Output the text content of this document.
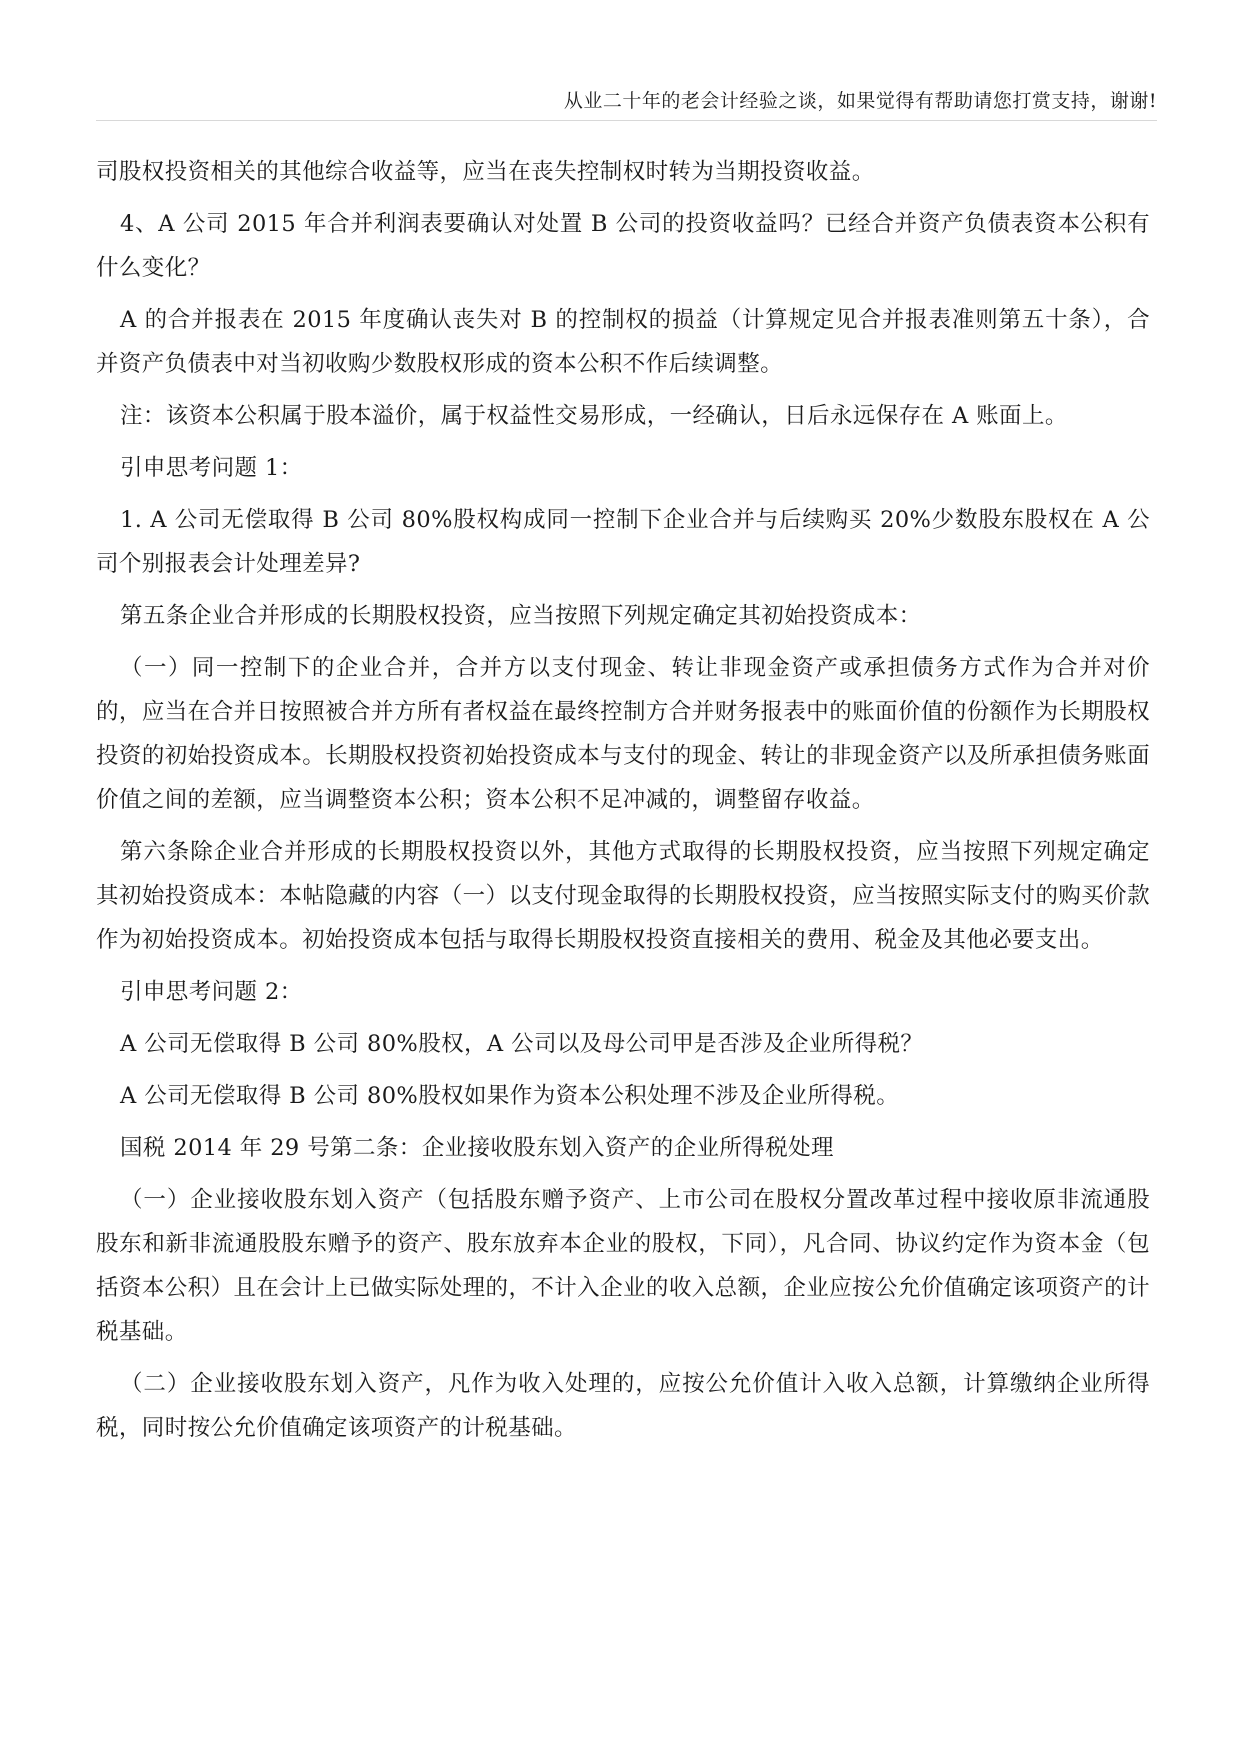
从业二十年的老会计经验之谈，如果觉得有帮助请您打赏支持，谢谢!

司股权投资相关的其他综合收益等，应当在丧失控制权时转为当期投资收益。

4、A 公司 2015 年合并利润表要确认对处置 B 公司的投资收益吗？已经合并资产负债表资本公积有什么变化？

A 的合并报表在 2015 年度确认丧失对 B 的控制权的损益（计算规定见合并报表准则第五十条），合并资产负债表中对当初收购少数股权形成的资本公积不作后续调整。

注：该资本公积属于股本溢价，属于权益性交易形成，一经确认，日后永远保存在 A 账面上。

引申思考问题 1：

1. A 公司无偿取得 B 公司 80%股权构成同一控制下企业合并与后续购买 20%少数股东股权在 A 公司个别报表会计处理差异?

第五条企业合并形成的长期股权投资，应当按照下列规定确定其初始投资成本：

（一）同一控制下的企业合并，合并方以支付现金、转让非现金资产或承担债务方式作为合并对价的，应当在合并日按照被合并方所有者权益在最终控制方合并财务报表中的账面价值的份额作为长期股权投资的初始投资成本。长期股权投资初始投资成本与支付的现金、转让的非现金资产以及所承担债务账面价值之间的差额，应当调整资本公积；资本公积不足冲减的，调整留存收益。

第六条除企业合并形成的长期股权投资以外，其他方式取得的长期股权投资，应当按照下列规定确定其初始投资成本：本帖隐藏的内容（一）以支付现金取得的长期股权投资，应当按照实际支付的购买价款作为初始投资成本。初始投资成本包括与取得长期股权投资直接相关的费用、税金及其他必要支出。

引申思考问题 2：

A 公司无偿取得 B 公司 80%股权，A 公司以及母公司甲是否涉及企业所得税？

A 公司无偿取得 B 公司 80%股权如果作为资本公积处理不涉及企业所得税。

国税 2014 年 29 号第二条：企业接收股东划入资产的企业所得税处理

（一）企业接收股东划入资产（包括股东赠予资产、上市公司在股权分置改革过程中接收原非流通股股东和新非流通股股东赠予的资产、股东放弃本企业的股权，下同），凡合同、协议约定作为资本金（包括资本公积）且在会计上已做实际处理的，不计入企业的收入总额，企业应按公允价值确定该项资产的计税基础。

（二）企业接收股东划入资产，凡作为收入处理的，应按公允价值计入收入总额，计算缴纳企业所得税，同时按公允价值确定该项资产的计税基础。
